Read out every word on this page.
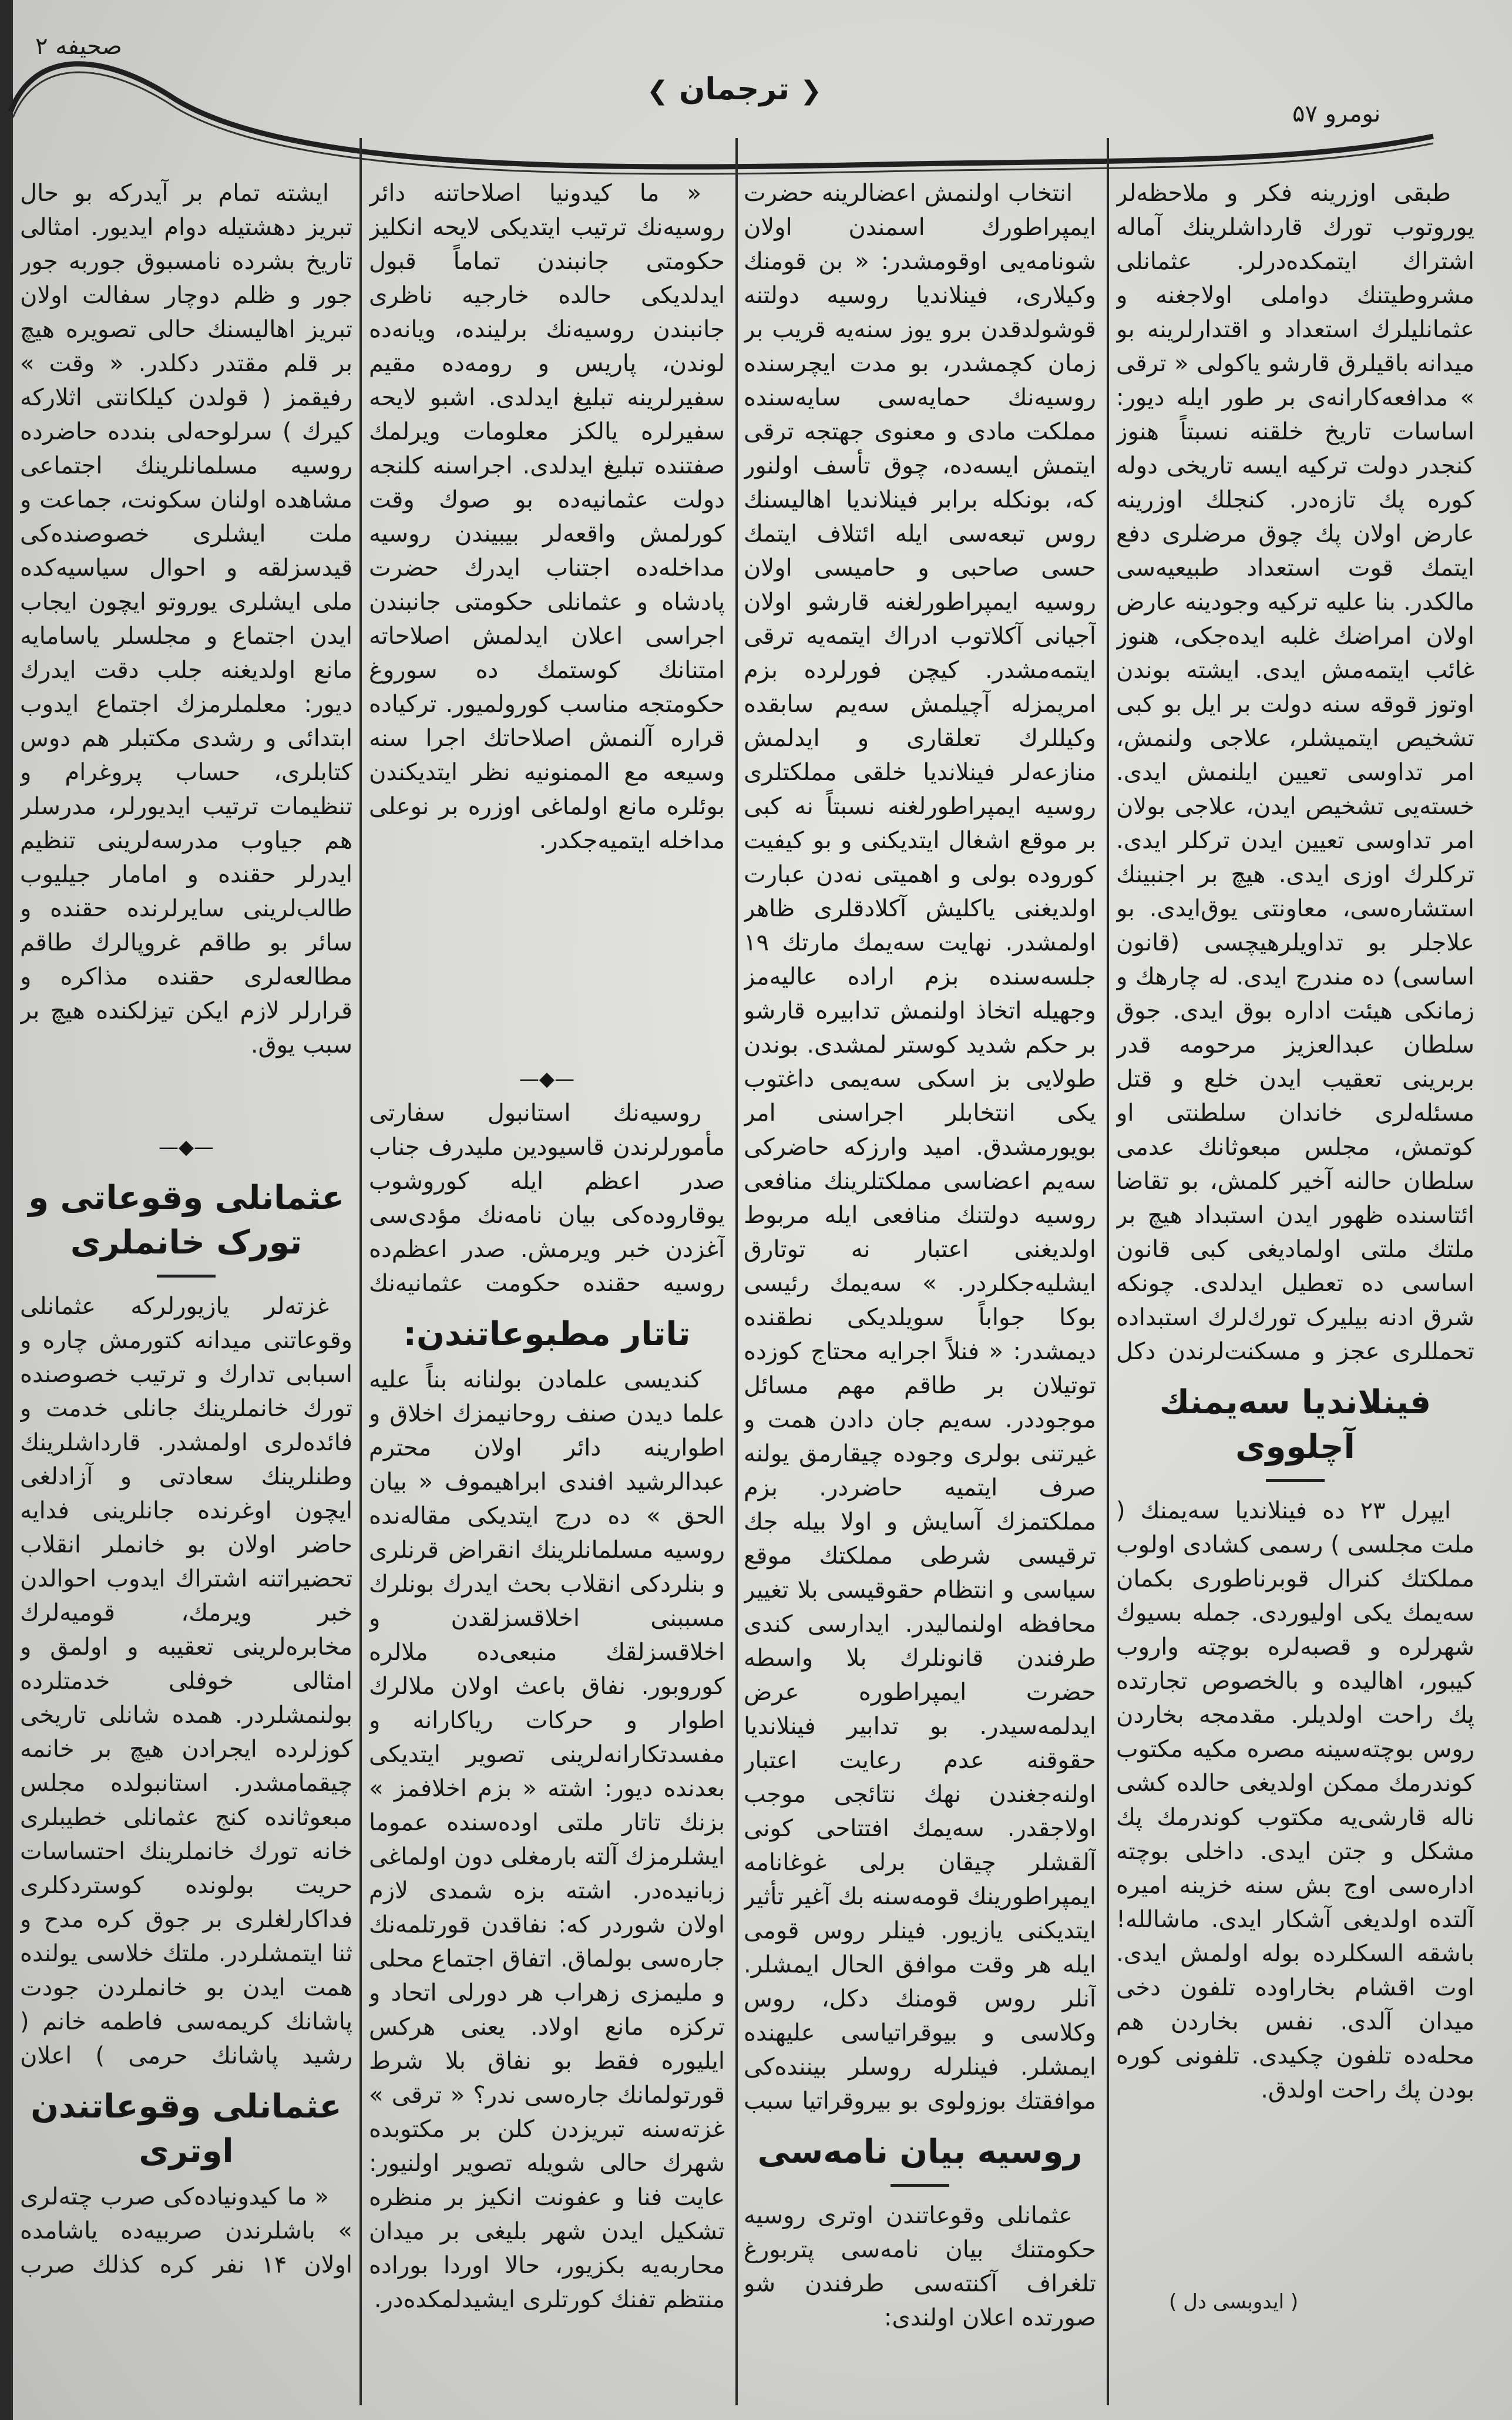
صحیفه ۲
❮ ترجمان ❯
نومرو ۵۷

طبقی اوزرینه فکر و ملاحظه‌لر یوروتوب تورك قارداشلرینك آماله اشتراك ایتمکده‌درلر. عثمانلی مشروطیتنك دواملی اولاجغنه و عثمانلیلرك استعداد و اقتدارلرینه بو میدانه باقیلرق قارشو یاکولی « ترقی » مدافعه‌کارانه‌ی بر طور ایله دیور: اساسات تاریخ خلقنه نسبتاً هنوز کنجدر دولت ترکیه ایسه تاریخی دوله کوره پك تازه‌در. کنجلك اوزرینه عارض اولان پك چوق مرضلری دفع ایتمك قوت استعداد طبیعیه‌سی مالکدر. بنا علیه ترکیه وجودینه عارض اولان امراضك غلبه ایده‌جکی، هنوز غائب ایتمه‌مش ایدی. ایشته بوندن اوتوز قوقه سنه دولت بر ایل بو کبی تشخیص ایتمیشلر، علاجی ولنمش، امر تداوسی تعیین ایلنمش ایدی. خسته‌یی تشخیص ایدن، علاجی بولان امر تداوسی تعیین ایدن ترکلر ایدی. ترکلرك اوزی ایدی. هیچ بر اجنبینك استشاره‌سی، معاونتی یوق‌ایدی. بو علاجلر بو تداویلرهیچسی (قانون اساسی) ده مندرج ایدی. له چارهك و زمانکی هیئت اداره بوق ایدی. جوق سلطان عبدالعزیز مرحومه قدر بربرینی تعقیب ایدن خلع و قتل مسئله‌لری خاندان سلطنتی او کوتمش، مجلس مبعوثانك عدمی سلطان حالنه آخیر کلمش، بو تقاضا ائتاسنده ظهور ایدن استبداد هیچ بر ملتك ملتی اولمادیغی کبی قانون اساسی ده تعطیل ایدلدی. چونکه شرق ادنه بیلیرک تورك‌لرك استبداده تحمللری عجز و مسکنت‌لرندن دکل

فینلاندیا سه‌یمنك آچلووی

ایپرل ۲۳ ده فینلاندیا سه‌یمنك ( ملت مجلسی ) رسمی کشادی اولوب مملکتك کنرال قوبرناطوری بکمان سه‌یمك یکی اولیوردی. جمله بسیوك شهرلره و قصبه‌لره بوچته واروب کیبور، اهالیده و بالخصوص تجارتده پك راحت اولدیلر. مقدمجه بخاردن روس بوچته‌سینه مصره مکیه مکتوب کوندرمك ممکن اولدیغی حالده کشی ناله قارشی‌یه مکتوب کوندرمك پك مشکل و جتن ایدی. داخلی بوچته اداره‌سی اوج بش سنه خزینه امیره آلتده اولدیغی آشکار ایدی. ماشالله! باشقه السکلرده بوله اولمش ایدی. اوت اقشام بخاراوده تلفون دخی میدان آلدی. نفس بخاردن هم محله‌ده تلفون چکیدی. تلفونی کوره بودن پك راحت اولدق.

( ایدوبسی دل )

انتخاب اولنمش اعضالرینه حضرت ایمپراطورك اسمندن اولان شونامه‌یی اوقومشدر: « بن قومنك وکیلاری، فینلاندیا روسیه دولتنه قوشولدقدن برو یوز سنه‌یه قریب بر زمان کچمشدر، بو مدت ایچرسنده روسیه‌نك حمایه‌سی سایه‌سنده مملکت مادی و معنوی جهتجه ترقی ایتمش ایسه‌ده، چوق تأسف اولنور که، بونکله برابر فینلاندیا اهالیسنك روس تبعه‌سی ایله ائتلاف ایتمك حسی صاحبی و حامیسی اولان روسیه ایمپراطورلغنه قارشو اولان آجیانی آکلاتوب ادراك ایتمه‌یه ترقی ایتمه‌مشدر. کیچن فورلرده بزم امریمزله آچیلمش سه‌یم سابقده وکیللرك تعلقاری و ایدلمش منازعه‌لر فینلاندیا خلقی مملکتلری روسیه ایمپراطورلغنه نسبتاً نه کبی بر موقع اشغال ایتدیکنی و بو کیفیت کوروده بولی و اهمیتی نه‌دن عبارت اولدیغنی یاکلیش آکلادقلری ظاهر اولمشدر. نهایت سه‌یمك مارتك ۱۹ جلسه‌سنده بزم اراده عالیه‌مز وجهیله اتخاذ اولنمش تدابیره قارشو بر حکم شدید کوستر لمشدی. بوندن طولایی بز اسکی سه‌یمی داغتوب یکی انتخابلر اجراسنی امر بویورمشدق. امید وارزکه حاضرکی سه‌یم اعضاسی مملکتلرینك منافعی روسیه دولتنك منافعی ایله مربوط اولدیغنی اعتبار نه توتارق ایشلیه‌جکلردر. » سه‌یمك رئیسی بوکا جواباً سویلدیکی نطقنده دیمشدر: « فنلاً اجرایه محتاج کوزده توتیلان بر طاقم مهم مسائل موجوددر. سه‌یم جان دادن همت و غیرتنی بولری وجوده چیقارمق یولنه صرف ایتمیه حاضردر. بزم مملکتمزك آسایش و اولا بیله جك ترقیسی شرطی مملکتك موقع سیاسی و انتظام حقوقیسی بلا تغییر محافظه اولنمالیدر. ایدارسی کندی طرفندن قانونلرك بلا واسطه حضرت ایمپراطوره عرض ایدلمه‌سیدر. بو تدابیر فینلاندیا حقوقنه عدم رعایت اعتبار اولنه‌جغندن نهك نتائجی موجب اولاجقدر. سه‌یمك افتتاحی کونی آلقشلر چیقان برلی غوغانامه ایمپراطورینك قومه‌سنه بك آغیر تأثیر ایتدیکنی یازیور. فینلر روس قومی ایله هر وقت موافق الحال ایمشلر. آنلر روس قومنك دکل، روس وکلاسی و بیوقراتیاسی علیهنده ایمشلر. فینلرله روسلر بیننده‌کی موافقتك بوزولوی بو بیروقراتیا سبب

روسیه بیان نامه‌سی

عثمانلی وقوعاتندن اوتری روسیه حکومتنك بیان نامه‌سی پتربورغ تلغراف آکنته‌سی طرفندن شو صورتده اعلان اولندی:

« ما کیدونیا اصلاحاتنه دائر روسیه‌نك ترتیب ایتدیکی لایحه انکلیز حکومتی جانبندن تماماً قبول ایدلدیکی حالده خارجیه ناظری جانبندن روسیه‌نك برلینده، ویانه‌ده لوندن، پاریس و رومه‌ده مقیم سفیرلرینه تبلیغ ایدلدی. اشبو لایحه سفیرلره یالکز معلومات ویرلمك صفتنده تبلیغ ایدلدی. اجراسنه کلنجه دولت عثمانیه‌ده بو صوك وقت کورلمش واقعه‌لر بیبیندن روسیه مداخله‌ده اجتناب ایدرك حضرت پادشاه و عثمانلی حکومتی جانبندن اجراسی اعلان ایدلمش اصلاحاته امتنانك کوستمك ده سوروغ حکومتجه مناسب کورولمیور. ترکیاده قراره آلنمش اصلاحاتك اجرا سنه وسیعه مع الممنونیه نظر ایتدیکندن بوئلره مانع اولماغی اوزره بر نوعلی مداخله ایتمیه‌جکدر.

—◆—

روسیه‌نك استانبول سفارتی مأمورلرندن قاسیودین ملیدرف جناب صدر اعظم ایله کوروشوب یوقاروده‌کی بیان نامه‌نك مؤدی‌سی آغزدن خبر ویرمش. صدر اعظم‌ده روسیه حقنده حکومت عثمانیه‌نك

تاتار مطبوعاتندن:

کندیسی علمادن بولنانه بناً علیه علما دیدن صنف روحانیمزك اخلاق و اطوارینه دائر اولان محترم عبدالرشید افندی ابراهیموف « بیان الحق » ده درج ایتدیکی مقاله‌نده روسیه مسلمانلرینك انقراض قرنلری و بنلردکی انقلاب بحث ایدرك بونلرك مسببنی اخلاقسزلقدن و اخلاقسزلقك منبعی‌ده ملالره کوروبور. نفاق باعث اولان ملالرك اطوار و حرکات ریاکارانه و مفسدتکارانه‌لرینی تصویر ایتدیکی بعدنده دیور: اشته « بزم اخلافمز » بزنك تاتار ملتی اوده‌سنده عموما ایشلرمزك آلته بارمغلی دون اولماغی زبانیده‌در. اشته بزه شمدی لازم اولان شوردر که: نفاقدن قورتلمه‌نك جاره‌سی بولماق. اتفاق اجتماع محلی و ملیمزی زهراب هر دورلی اتحاد و ترکزه مانع اولاد. یعنی هرکس ایلیوره فقط بو نفاق بلا شرط قورتولمانك جاره‌سی ندر؟ « ترقی » غزته‌سنه تبریزدن کلن بر مکتوبده شهرك حالی شویله تصویر اولنیور: عایت فنا و عفونت انکیز بر منظره تشکیل ایدن شهر بلیغی بر میدان محاربه‌یه بکزیور، حالا اوردا بوراده منتظم تفنك کورتلری ایشیدلمکده‌در.

ایشته تمام بر آیدرکه بو حال تبریز دهشتیله دوام ایدیور. امثالی تاریخ بشرده نامسبوق جوربه جور جور و ظلم دوچار سفالت اولان تبریز اهالیسنك حالی تصویره هیچ بر قلم مقتدر دکلدر. « وقت » رفیقمز ( قولدن کیلکانتی اثلارکه کیرك ) سرلوحه‌لی بندده حاضرده روسیه مسلمانلرینك اجتماعی مشاهده اولنان سکونت، جماعت و ملت ایشلری خصوصنده‌کی قیدسزلقه و احوال سیاسیه‌کده ملی ایشلری یوروتو ایچون ایجاب ایدن اجتماع و مجلسلر یاسامایه مانع اولدیغنه جلب دقت ایدرك دیور: معلملرمزك اجتماع ایدوب ابتدائی و رشدی مکتبلر هم دوس کتابلری، حساب پروغرام و تنظیمات ترتیب ایدیورلر، مدرسلر هم جیاوب مدرسه‌لرینی تنظیم ایدرلر حقنده و امامار جیلیوب طالب‌لرینی سایرلرنده حقنده و سائر بو طاقم غروپالرك طاقم مطالعه‌لری حقنده مذاکره و قرارلر لازم ایکن تیزلکنده هیچ بر سبب یوق.

—◆—
عثمانلی وقوعاتی و تورک خانملری

غزته‌لر یازیورلرکه عثمانلی وقوعاتنی میدانه کتورمش چاره و اسبابی تدارك و ترتیب خصوصنده تورك خانملرینك جانلی خدمت و فائده‌لری اولمشدر. قارداشلرینك وطنلرینك سعادتی و آزادلغی ایچون اوغرنده جانلرینی فدایه حاضر اولان بو خانملر انقلاب تحضیراتنه اشتراك ایدوب احوالدن خبر ویرمك، قومیه‌لرك مخابره‌لرینی تعقیبه و اولمق و امثالی خوفلی خدمتلرده بولنمشلردر. همده شانلی تاریخی کوزلرده ایجرادن هیچ بر خانمه چیقمامشدر. استانبولده مجلس مبعوثانده کنج عثمانلی خطیبلری خانه تورك خانملرینك احتساسات حریت بولونده کوستردکلری فداکارلغلری بر جوق کره مدح و ثنا ایتمشلردر. ملتك خلاسی یولنده همت ایدن بو خانملردن جودت پاشانك کریمه‌سی فاطمه خانم ( رشید پاشانك حرمی ) اعلان

عثمانلی وقوعاتندن اوتری

« ما کیدونیاده‌کی صرب چته‌لری » باشلرندن صربیه‌ده یاشامده اولان ۱۴ نفر کره کذلك صرب
